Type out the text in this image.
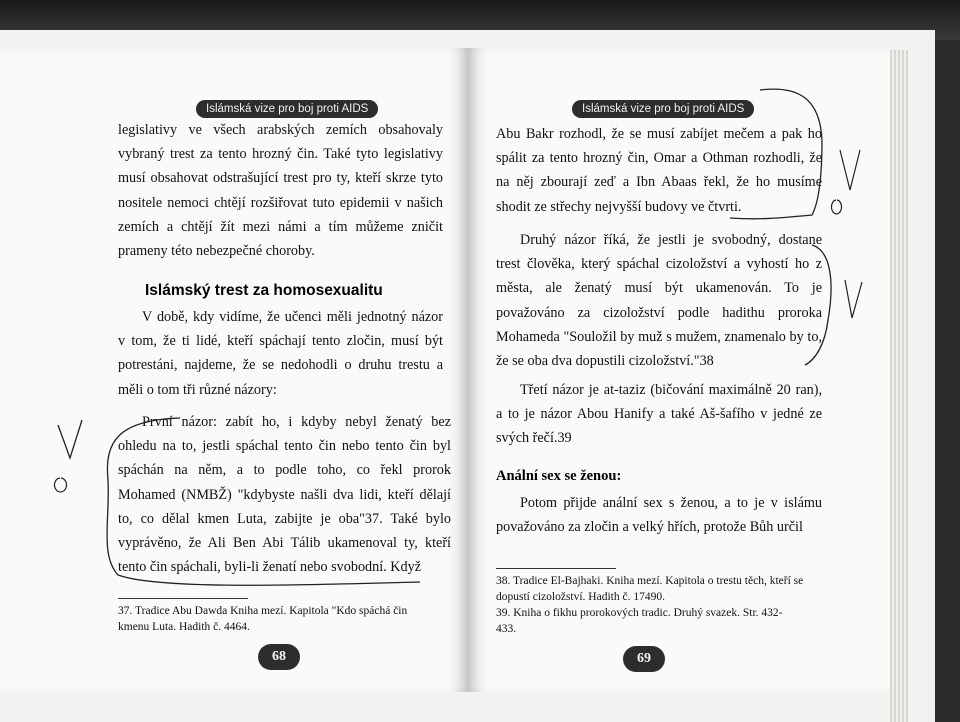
Islámská vize pro boj proti AIDS
legislativy ve všech arabských zemích obsahovaly
vybraný trest za tento hrozný čin. Také tyto legislativy
musí obsahovat odstrašující trest pro ty, kteří skrze tyto
nositele nemoci chtějí rozšiřovat tuto epidemii v našich
zemích a chtějí žít mezi námi a tím můžeme zničit
prameny této nebezpečné choroby.
Islámský trest za homosexualitu
V době, kdy vidíme, že učenci měli jednotný názor
v tom, že ti lidé, kteří spáchají tento zločin, musí být
potrestáni, najdeme, že se nedohodli o druhu trestu a
měli o tom tři různé názory:
První názor: zabít ho, i kdyby nebyl ženatý bez
ohledu na to, jestli spáchal tento čin nebo tento čin byl
spáchán na něm, a to podle toho, co řekl prorok
Mohamed (NMBŽ) "kdybyste našli dva lidi, kteří dělají
to, co dělal kmen Luta, zabijte je oba"37. Také bylo
vyprávěno, že Ali Ben Abi Tálib ukamenoval ty, kteří
tento čin spáchali, byli-li ženatí nebo svobodní. Když
37. Tradice Abu Dawda Kniha mezí. Kapitola "Kdo spáchá čin
kmenu Luta. Hadith č. 4464.
68
Islámská vize pro boj proti AIDS
Abu Bakr rozhodl, že se musí zabíjet mečem a pak ho
spálit za tento hrozný čin, Omar a Othman rozhodli, že
na něj zbourají zeď a Ibn Abaas řekl, že ho musíme
shodit ze střechy nejvyšší budovy ve čtvrti.
Druhý názor říká, že jestli je svobodný, dostane
trest člověka, který spáchal cizoložství a vyhostí ho z
města, ale ženatý musí být ukamenován. To je
považováno za cizoložství podle hadithu proroka
Mohameda "Souložil by muž s mužem, znamenalo by to,
že se oba dva dopustili cizoložství."38
Třetí názor je at-taziz (bičování maximálně 20 ran),
a to je názor Abou Hanify a také Aš-šafího v jedné ze
svých řečí.39
Anální sex se ženou:
Potom přijde anální sex s ženou, a to je v islámu
považováno za zločin a velký hřích, protože Bůh určil
38. Tradice El-Bajhaki. Kniha mezí. Kapitola o trestu těch, kteří se
dopustí cizoložství. Hadith č. 17490.
39. Kniha o fikhu prorokových tradic. Druhý svazek. Str. 432-
433.
69
